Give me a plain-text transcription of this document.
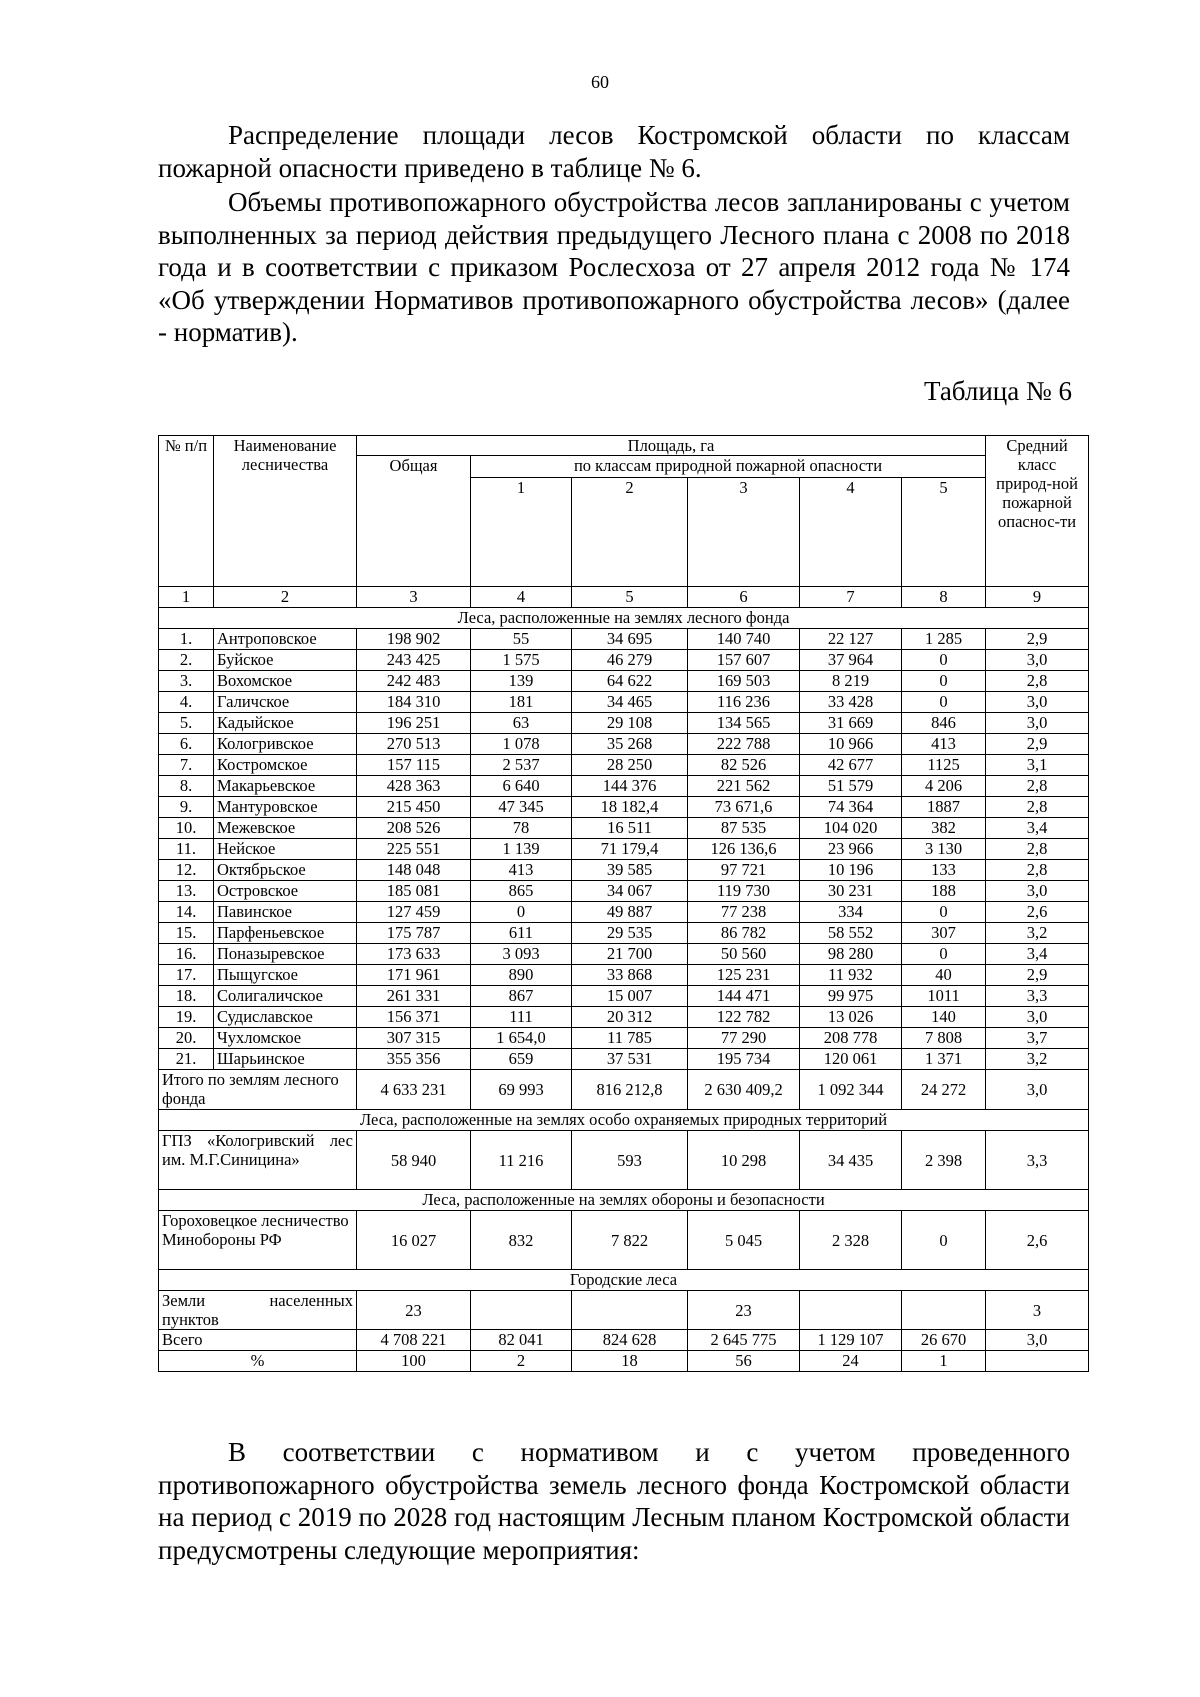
60

Распределение площади лесов Костромской области по классам пожарной опасности приведено в таблице № 6.

Объемы противопожарного обустройства лесов запланированы с учетом выполненных за период действия предыдущего Лесного плана с 2008 по 2018 года и в соответствии с приказом Рослесхоза от 27 апреля 2012 года № 174 «Об утверждении Нормативов противопожарного обустройства лесов» (далее - норматив).

Таблица № 6
№ п/п	Наименование лесничества	Площадь, га						Средний класс природ-ной пожарной опаснос-ти
		Общая	по классам природной пожарной опасности					
			1	2	3	4	5	
1	2	3	4	5	6	7	8	9
Леса, расположенные на землях лесного фонда								
1.	Антроповское	198 902	55	34 695	140 740	22 127	1 285	2,9
2.	Буйское	243 425	1 575	46 279	157 607	37 964	0	3,0
3.	Вохомское	242 483	139	64 622	169 503	8 219	0	2,8
4.	Галичское	184 310	181	34 465	116 236	33 428	0	3,0
5.	Кадыйское	196 251	63	29 108	134 565	31 669	846	3,0
6.	Кологривское	270 513	1 078	35 268	222 788	10 966	413	2,9
7.	Костромское	157 115	2 537	28 250	82 526	42 677	1125	3,1
8.	Макарьевское	428 363	6 640	144 376	221 562	51 579	4 206	2,8
9.	Мантуровское	215 450	47 345	18 182,4	73 671,6	74 364	1887	2,8
10.	Межевское	208 526	78	16 511	87 535	104 020	382	3,4
11.	Нейское	225 551	1 139	71 179,4	126 136,6	23 966	3 130	2,8
12.	Октябрьское	148 048	413	39 585	97 721	10 196	133	2,8
13.	Островское	185 081	865	34 067	119 730	30 231	188	3,0
14.	Павинское	127 459	0	49 887	77 238	334	0	2,6
15.	Парфеньевское	175 787	611	29 535	86 782	58 552	307	3,2
16.	Поназыревское	173 633	3 093	21 700	50 560	98 280	0	3,4
17.	Пыщугское	171 961	890	33 868	125 231	11 932	40	2,9
18.	Солигаличское	261 331	867	15 007	144 471	99 975	1011	3,3
19.	Судиславское	156 371	111	20 312	122 782	13 026	140	3,0
20.	Чухломское	307 315	1 654,0	11 785	77 290	208 778	7 808	3,7
21.	Шарьинское	355 356	659	37 531	195 734	120 061	1 371	3,2
Итого по землям лесного фонда		4 633 231	69 993	816 212,8	2 630 409,2	1 092 344	24 272	3,0
Леса, расположенные на землях особо охраняемых природных территорий								
ГПЗ «Кологривский лес им. М.Г.Синицина»		58 940	11 216	593	10 298	34 435	2 398	3,3
Леса, расположенные на землях обороны и безопасности								
Гороховецкое лесничество Минобороны РФ		16 027	832	7 822	5 045	2 328	0	2,6
Городские леса								
Земли населенных пунктов		23			23			3
Всего		4 708 221	82 041	824 628	2 645 775	1 129 107	26 670	3,0
%		100	2	18	56	24	1	

В соответствии с нормативом и с учетом проведенного противопожарного обустройства земель лесного фонда Костромской области на период с 2019 по 2028 год настоящим Лесным планом Костромской области предусмотрены следующие мероприятия:
